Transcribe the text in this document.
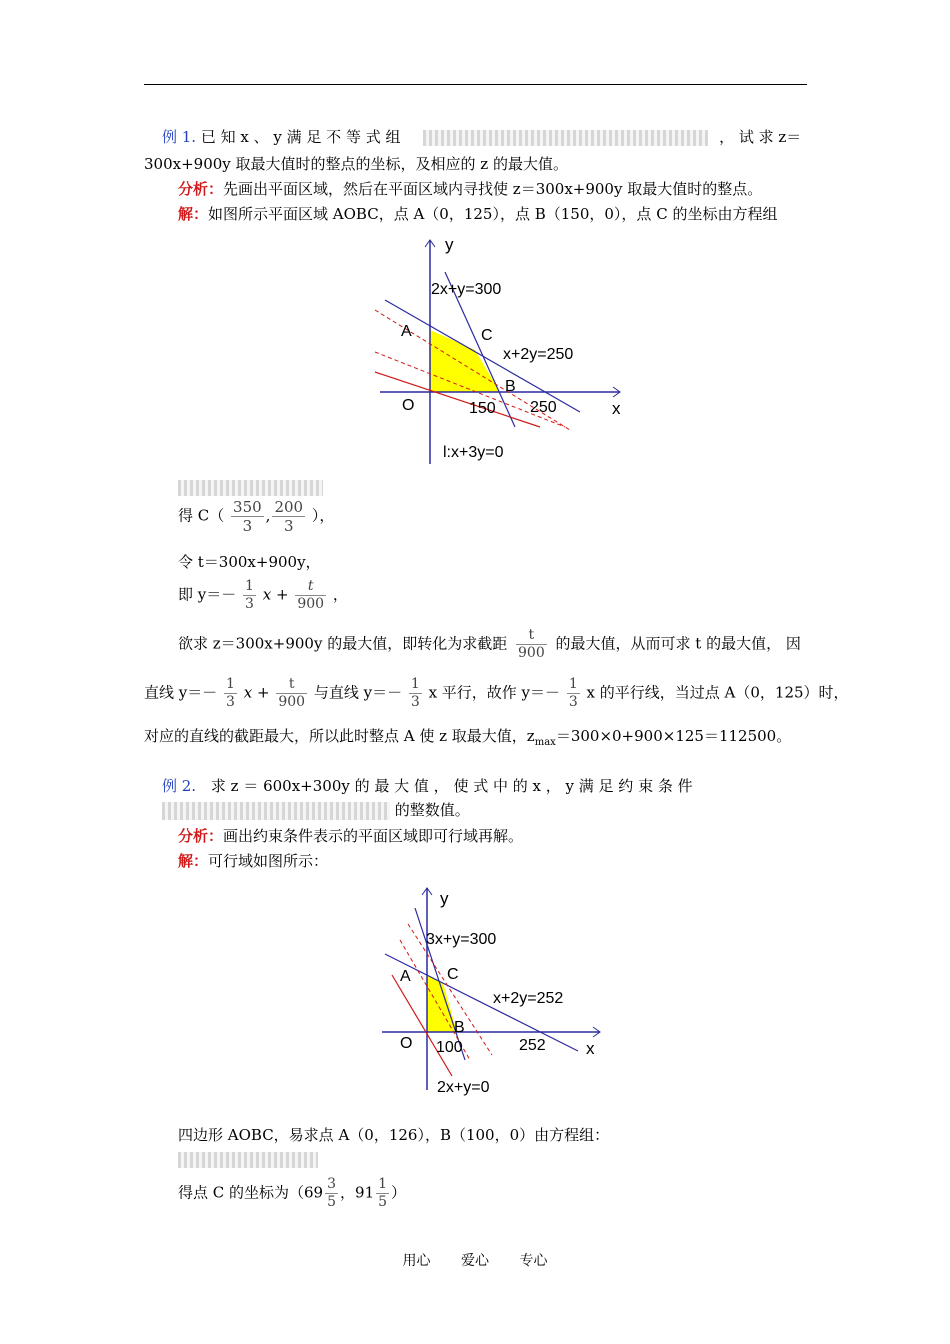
例 1. 已 知 x 、 y 满 足 不 等 式 组	， 试 求 z＝
300x+900y 取最大值时的整点的坐标，及相应的 z 的最大值。
分析：先画出平面区域，然后在平面区域内寻找使 z＝300x+900y 取最大值时的整点。
解：如图所示平面区域 AOBC，点 A（0，125），点 B（150，0），点 C 的坐标由方程组
y
x
2x+y=300
x+2y=250
l:x+3y=0
A	C
B
O	150 250
得 $C( \frac{350}{3}$ , $\frac{200}{3}$ ），
令 t＝300x+900y，
即 $y=- \frac{1}{3}$ $x + \frac{t}{900}$ ，
欲求 z＝300x+900y 的最大值，即转化为求截距 $\frac{t}{900}$ 的最大值，从而可求 t 的最大值， 因
直线 $y=- \frac{1}{3}$ $x + \frac{t}{900}$ 与直线 $y=- \frac{1}{3}$ x 平行，故作 $y=- \frac{1}{3}$ x 的平行线，当过点 A（0，125）时，
对应的直线的截距最大，所以此时整点 A 使 z 取最大值，$z_{max}=300\times 0+900\times 125=112500$。
例 2. 求 z ＝ 600x+300y 的 最 大 值 ， 使 式 中 的 x ， y 满 足 约 束 条 件
的整数值。
分析：画出约束条件表示的平面区域即可行域再解。
解：可行域如图所示：
y
x
3x+y=300
x+2y=252
2x+y=0
A C
B
O 100	252
四边形 AOBC，易求点 A（0，126），B（100，0）由方程组：
得点 C 的坐标为（$69 \frac{3}{5}$ ，$91 \frac{1}{5}$ ）
用心 爱心 专心
